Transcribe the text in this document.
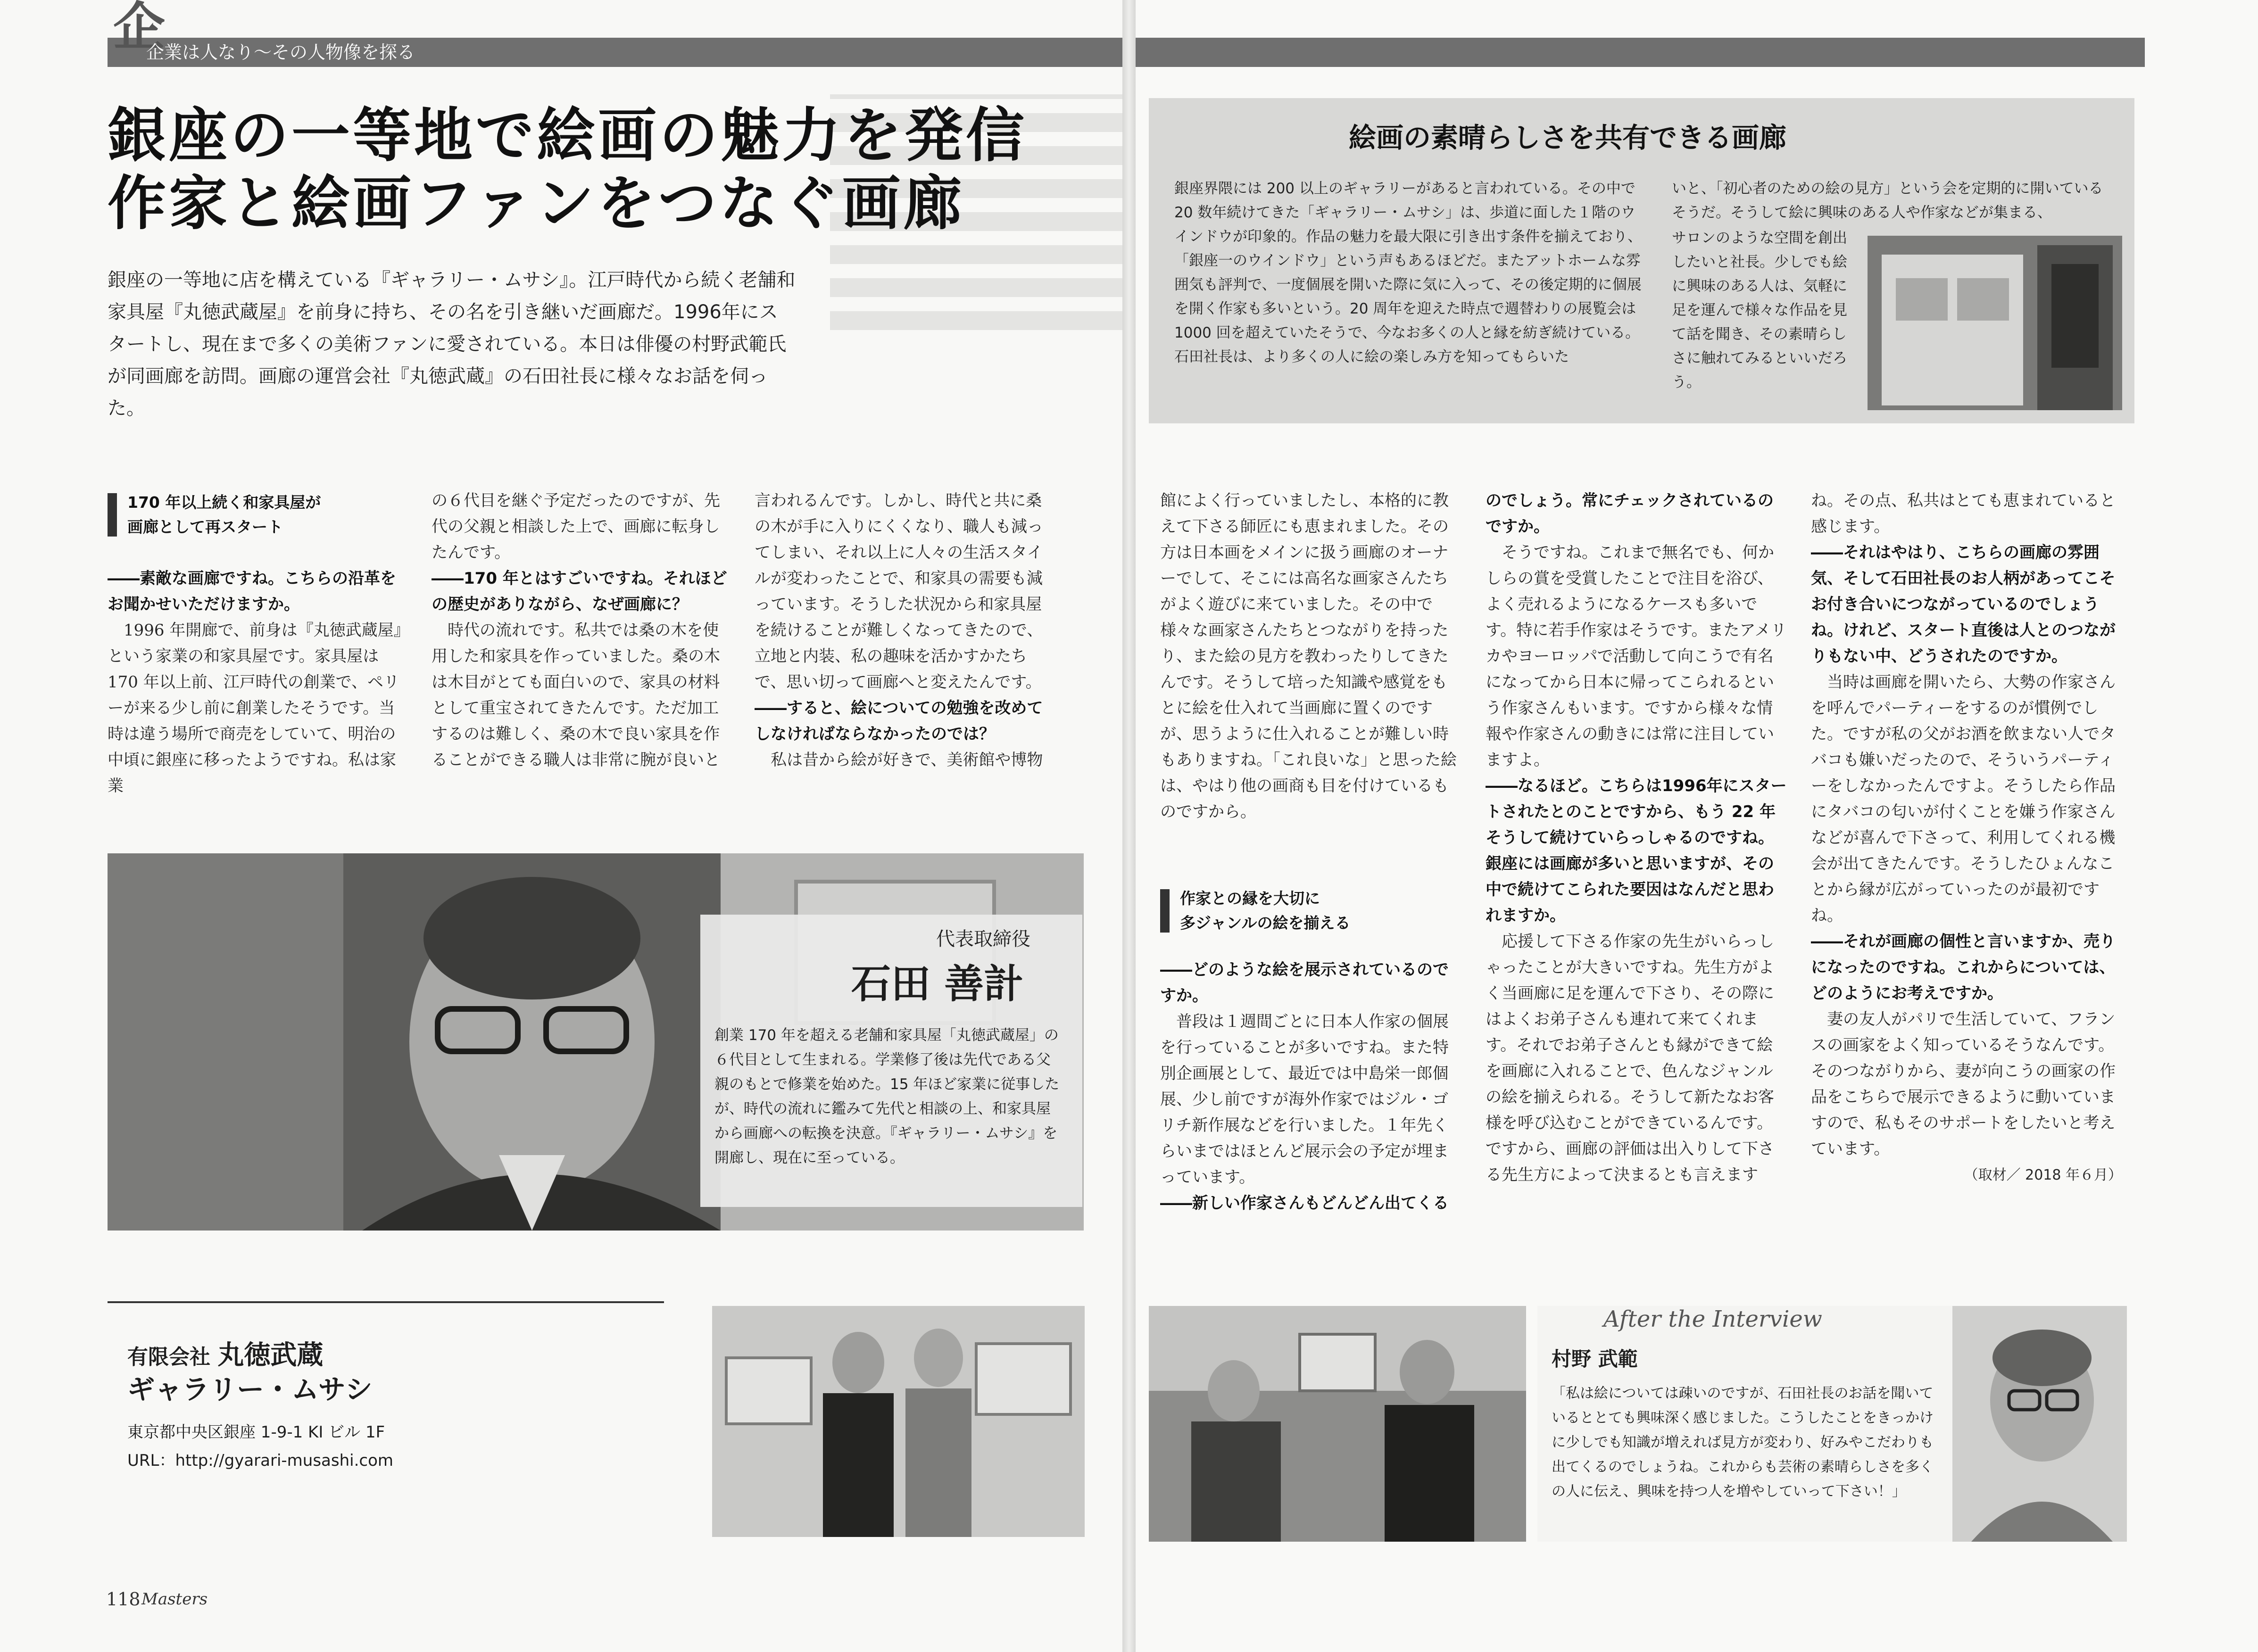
企
企業は人なり〜その人物像を探る
銀座の一等地で絵画の魅力を発信
作家と絵画ファンをつなぐ画廊
銀座の一等地に店を構えている『ギャラリー・ムサシ』。江戸時代から続く老舗和家具屋『丸徳武蔵屋』を前身に持ち、その名を引き継いだ画廊だ。1996年にスタートし、現在まで多くの美術ファンに愛されている。本日は俳優の村野武範氏が同画廊を訪問。画廊の運営会社『丸徳武蔵』の石田社長に様々なお話を伺った。
170 年以上続く和家具屋が
画廊として再スタート

――素敵な画廊ですね。こちらの沿革をお聞かせいただけますか。

1996 年開廊で、前身は『丸徳武蔵屋』という家業の和家具屋です。家具屋は170 年以上前、江戸時代の創業で、ペリーが来る少し前に創業したそうです。当時は違う場所で商売をしていて、明治の中頃に銀座に移ったようですね。私は家業

の６代目を継ぐ予定だったのですが、先代の父親と相談した上で、画廊に転身したんです。

――170 年とはすごいですね。それほどの歴史がありながら、なぜ画廊に？

時代の流れです。私共では桑の木を使用した和家具を作っていました。桑の木は木目がとても面白いので、家具の材料として重宝されてきたんです。ただ加工するのは難しく、桑の木で良い家具を作ることができる職人は非常に腕が良いと

言われるんです。しかし、時代と共に桑の木が手に入りにくくなり、職人も減ってしまい、それ以上に人々の生活スタイルが変わったことで、和家具の需要も減っています。そうした状況から和家具屋を続けることが難しくなってきたので、立地と内装、私の趣味を活かすかたちで、思い切って画廊へと変えたんです。

――すると、絵についての勉強を改めてしなければならなかったのでは？

私は昔から絵が好きで、美術館や博物

代表取締役
石田 善計
創業 170 年を超える老舗和家具屋「丸徳武蔵屋」の６代目として生まれる。学業修了後は先代である父親のもとで修業を始めた。15 年ほど家業に従事したが、時代の流れに鑑みて先代と相談の上、和家具屋から画廊への転換を決意。『ギャラリー・ムサシ』を開廊し、現在に至っている。
有限会社 丸徳武蔵
ギャラリー・ムサシ
東京都中央区銀座 1-9-1 KI ビル 1F
URL：http://gyarari-musashi.com
絵画の素晴らしさを共有できる画廊
銀座界隈には 200 以上のギャラリーがあると言われている。その中で 20 数年続けてきた「ギャラリー・ムサシ」は、歩道に面した１階のウインドウが印象的。作品の魅力を最大限に引き出す条件を揃えており、「銀座一のウインドウ」という声もあるほどだ。またアットホームな雰囲気も評判で、一度個展を開いた際に気に入って、その後定期的に個展を開く作家も多いという。20 周年を迎えた時点で週替わりの展覧会は 1000 回を超えていたそうで、今なお多くの人と縁を紡ぎ続けている。　石田社長は、より多くの人に絵の楽しみ方を知ってもらいた
いと、「初心者のための絵の見方」という会を定期的に開いているそうだ。そうして絵に興味のある人や作家などが集まる、
サロンのような空間を創出したいと社長。少しでも絵に興味のある人は、気軽に足を運んで様々な作品を見て話を聞き、その素晴らしさに触れてみるといいだろう。
作家との縁を大切に
多ジャンルの絵を揃える

館によく行っていましたし、本格的に教えて下さる師匠にも恵まれました。その方は日本画をメインに扱う画廊のオーナーでして、そこには高名な画家さんたちがよく遊びに来ていました。その中で様々な画家さんたちとつながりを持ったり、また絵の見方を教わったりしてきたんです。そうして培った知識や感覚をもとに絵を仕入れて当画廊に置くのですが、思うように仕入れることが難しい時もありますね。「これ良いな」と思った絵は、やはり他の画商も目を付けているものですから。

――どのような絵を展示されているのですか。

普段は１週間ごとに日本人作家の個展を行っていることが多いですね。また特別企画展として、最近では中島栄一郎個展、少し前ですが海外作家ではジル・ゴリチ新作展などを行いました。１年先くらいまではほとんど展示会の予定が埋まっています。

――新しい作家さんもどんどん出てくる

のでしょう。常にチェックされているのですか。

そうですね。これまで無名でも、何かしらの賞を受賞したことで注目を浴び、よく売れるようになるケースも多いです。特に若手作家はそうです。またアメリカやヨーロッパで活動して向こうで有名になってから日本に帰ってこられるという作家さんもいます。ですから様々な情報や作家さんの動きには常に注目していますよ。

――なるほど。こちらは1996年にスタートされたとのことですから、もう 22 年そうして続けていらっしゃるのですね。銀座には画廊が多いと思いますが、その中で続けてこられた要因はなんだと思われますか。

応援して下さる作家の先生がいらっしゃったことが大きいですね。先生方がよく当画廊に足を運んで下さり、その際にはよくお弟子さんも連れて来てくれます。それでお弟子さんとも縁ができて絵を画廊に入れることで、色んなジャンルの絵を揃えられる。そうして新たなお客様を呼び込むことができているんです。ですから、画廊の評価は出入りして下さる先生方によって決まるとも言えます

ね。その点、私共はとても恵まれていると感じます。

――それはやはり、こちらの画廊の雰囲気、そして石田社長のお人柄があってこそお付き合いにつながっているのでしょうね。けれど、スタート直後は人とのつながりもない中、どうされたのですか。

当時は画廊を開いたら、大勢の作家さんを呼んでパーティーをするのが慣例でした。ですが私の父がお酒を飲まない人でタバコも嫌いだったので、そういうパーティーをしなかったんですよ。そうしたら作品にタバコの匂いが付くことを嫌う作家さんなどが喜んで下さって、利用してくれる機会が出てきたんです。そうしたひょんなことから縁が広がっていったのが最初ですね。

――それが画廊の個性と言いますか、売りになったのですね。これからについては、どのようにお考えですか。

妻の友人がパリで生活していて、フランスの画家をよく知っているそうなんです。そのつながりから、妻が向こうの画家の作品をこちらで展示できるように動いていますので、私もそのサポートをしたいと考えています。

（取材／ 2018 年６月）

After the Interview
村野 武範
「私は絵については疎いのですが、石田社長のお話を聞いているととても興味深く感じました。こうしたことをきっかけに少しでも知識が増えれば見方が変わり、好みやこだわりも出てくるのでしょうね。これからも芸術の素晴らしさを多くの人に伝え、興味を持つ人を増やしていって下さい！」
118 Masters
